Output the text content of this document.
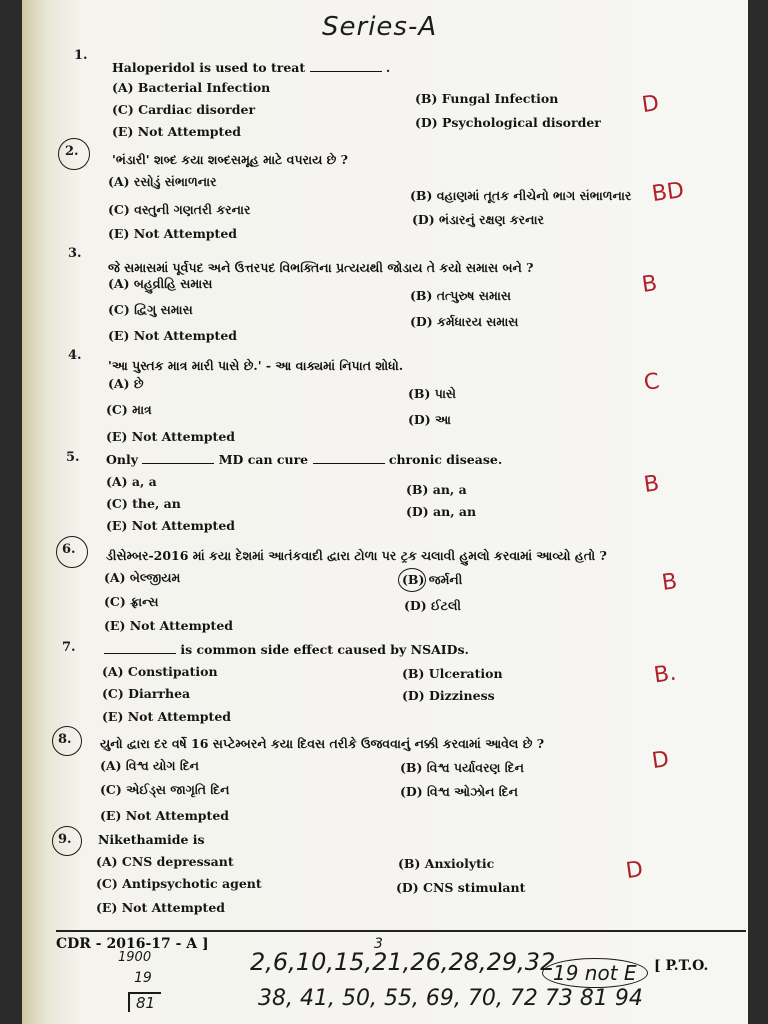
Series-A
1.
Haloperidol is used to treat	.
(A) Bacterial Infection
(B) Fungal Infection
(C) Cardiac disorder
(D) Psychological disorder
(E) Not Attempted
D
2.
'ભંડારી' શબ્દ કયા શબ્દસમૂહ માટે વપરાય છે ?
(A) રસોડું સંભાળનાર
(B) વહાણમાં તૂતક નીચેનો ભાગ સંભાળનાર
(C) વસ્તુની ગણતરી કરનાર
(D) ભંડારનું રક્ષણ કરનાર
(E) Not Attempted
BD
3.
જે સમાસમાં પૂર્વપદ અને ઉત્તરપદ વિભક્તિના પ્રત્યયથી જોડાય તે કયો સમાસ બને ?
(A) બહુવ્રીહિ સમાસ
(B) તત્પુરુષ સમાસ
(C) દ્વિગુ સમાસ
(D) કર્મધારય સમાસ
(E) Not Attempted
B
4.
'આ પુસ્તક માત્ર મારી પાસે છે.' - આ વાક્યમાં નિપાત શોધો.
(A) છે
(B) પાસે
(C) માત્ર
(D) આ
(E) Not Attempted
C
5. Only	MD can cure	chronic disease.
(A) a, a
(B) an, a
(C) the, an
(D) an, an
(E) Not Attempted
B
6. ડીસેમ્બર-2016 માં કયા દેશમાં આતંકવાદી દ્વારા ટોળા પર ટ્રક ચલાવી હુમલો કરવામાં આવ્યો હતો ?
(A) બેલ્જીયમ	(B) જર્મની
(C) ફ્રાન્સ	(D) ઈટલી
(E) Not Attempted
B
7.	is common side effect caused by NSAIDs.
(A) Constipation	(B) Ulceration
(C) Diarrhea	(D) Dizziness
(E) Not Attempted
B.
8. યુનો દ્વારા દર વર્ષે 16 સપ્ટેમ્બરને કયા દિવસ તરીકે ઉજવવાનું નક્કી કરવામાં આવેલ છે ?
(A) વિશ્વ યોગ દિન	(B) વિશ્વ પર્યાવરણ દિન
(C) એઈડ્સ જાગૃતિ દિન	(D) વિશ્વ ઓઝોન દિન
(E) Not Attempted
D
9. Nikethamide is
(A) CNS depressant	(B) Anxiolytic
(C) Antipsychotic agent	(D) CNS stimulant
(E) Not Attempted
D
CDR - 2016-17 - A ]
[ P.T.O.
1900
19
81
3
2,6,10,15,21,26,28,29,32
19 not E
38, 41, 50, 55, 69, 70, 72 73 81 94
